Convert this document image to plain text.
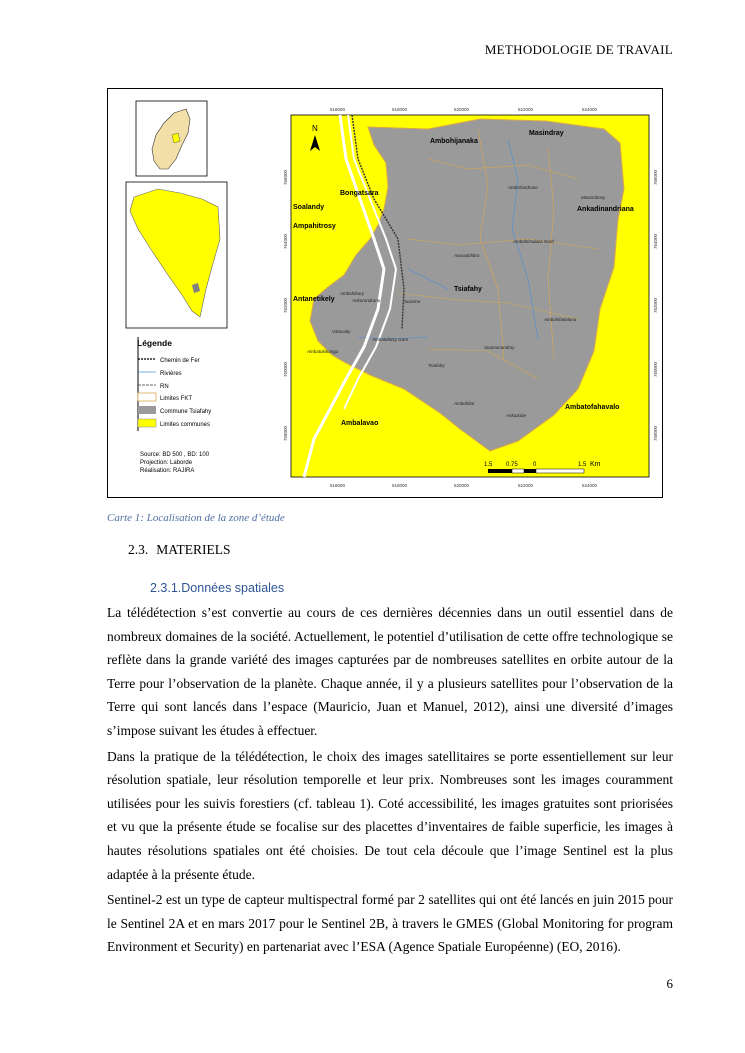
METHODOLOGIE DE TRAVAIL
Légende
Chemin de Fer
Rivières
RN
Limites FKT
Commune Tsiafahy
Limites communes
Source: BD 500 , BD: 100
Projection: Laborde
Réalisation: RAJIRA
N
516000	518000	520000	522000	524000
516000	518000	520000	522000	524000
766000
764000
762000
760000
758000
766000
764000
762000
760000
758000
Ambohijanaka
Masindray
Bongatsara
Soalandy
Ampahitrosy
Ankadinandriana
Tsiafahy
Antanetikely
Ambalavao
Ambatofahavalo
Andrefandrano
Masombosy
Ambohimalaza Nord
Avaradohitra
Ambohibary
Ankorondrano	Soavina
Ambohibololona
Vatovaky
Ambatolokanga
Ambatofotsy Gare
Soamanandray
Tsiafahy
Ambohibe
Ankazobe
1.5 0.75	0	1.5 Km
Carte 1: Localisation de la zone d’étude
2.3. MATERIELS
2.3.1.Données spatiales

La télédétection s’est convertie au cours de ces dernières décennies dans un outil essentiel dans de nombreux domaines de la société. Actuellement, le potentiel d’utilisation de cette offre technologique se reflète dans la grande variété des images capturées par de nombreuses satellites en orbite autour de la Terre pour l’observation de la planète. Chaque année, il y a plusieurs satellites pour l’observation de la Terre qui sont lancés dans l’espace (Mauricio, Juan et Manuel, 2012), ainsi une diversité d’images s’impose suivant les études à effectuer.

Dans la pratique de la télédétection, le choix des images satellitaires se porte essentiellement sur leur résolution spatiale, leur résolution temporelle et leur prix. Nombreuses sont les images couramment utilisées pour les suivis forestiers (cf. tableau 1). Coté accessibilité, les images gratuites sont priorisées et vu que la présente étude se focalise sur des placettes d’inventaires de faible superficie, les images à hautes résolutions spatiales ont été choisies. De tout cela découle que l’image Sentinel est la plus adaptée à la présente étude.

Sentinel-2 est un type de capteur multispectral formé par 2 satellites qui ont été lancés en juin 2015 pour le Sentinel 2A et en mars 2017 pour le Sentinel 2B, à travers le GMES (Global Monitoring for program Environment et Security) en partenariat avec l’ESA (Agence Spatiale Européenne) (EO, 2016).

6
